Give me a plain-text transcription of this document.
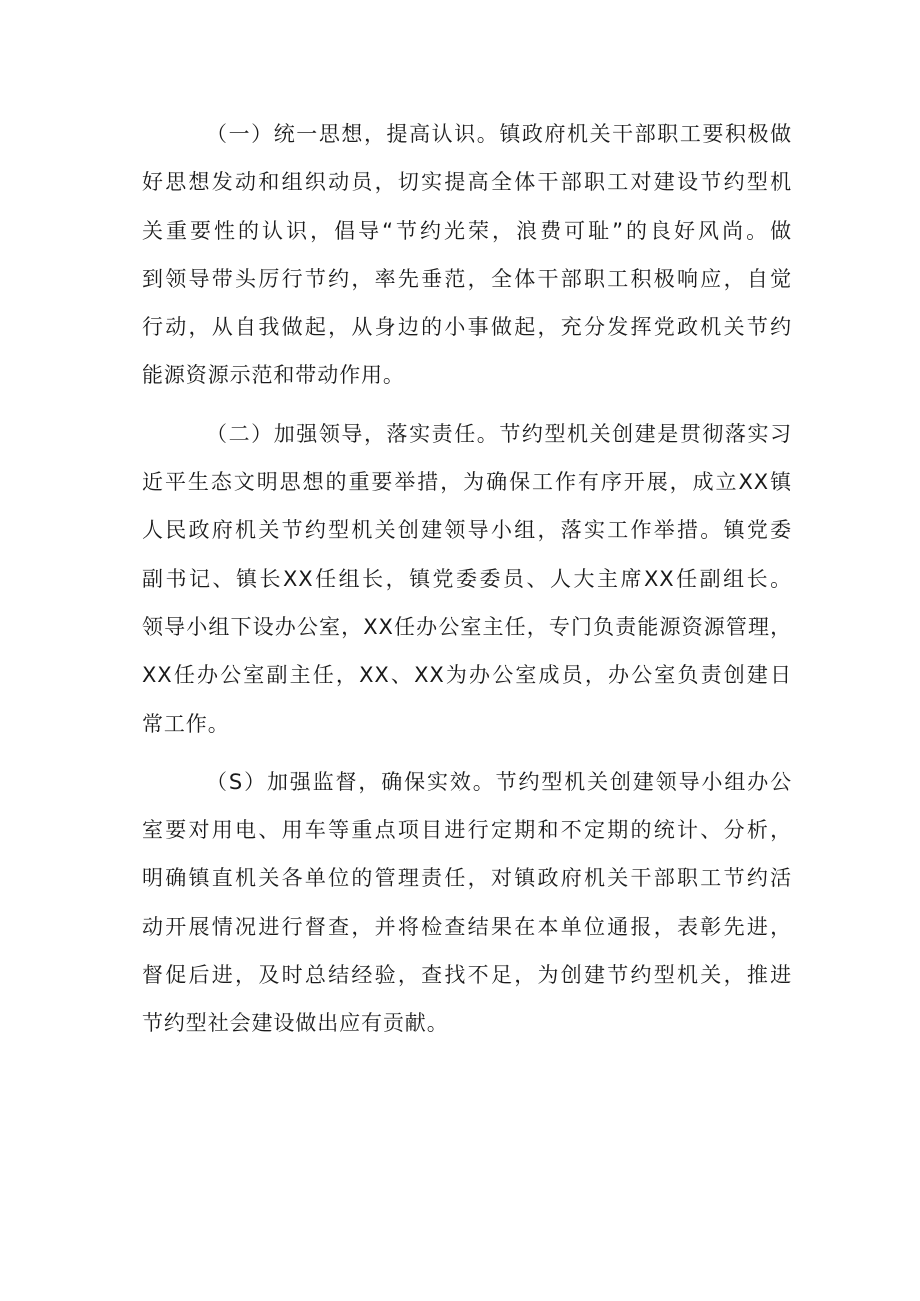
（一）统一思想，提高认识。镇政府机关干部职工要积极做
好思想发动和组织动员，切实提高全体干部职工对建设节约型机
关重要性的认识，倡导“节约光荣，浪费可耻”的良好风尚。做
到领导带头厉行节约，率先垂范，全体干部职工积极响应，自觉
行动，从自我做起，从身边的小事做起，充分发挥党政机关节约
能源资源示范和带动作用。
（二）加强领导，落实责任。节约型机关创建是贯彻落实习
近平生态文明思想的重要举措，为确保工作有序开展，成立XX镇
人民政府机关节约型机关创建领导小组，落实工作举措。镇党委
副书记、镇长XX任组长，镇党委委员、人大主席XX任副组长。
领导小组下设办公室，XX任办公室主任，专门负责能源资源管理，
XX任办公室副主任，XX、XX为办公室成员，办公室负责创建日
常工作。
（S）加强监督，确保实效。节约型机关创建领导小组办公
室要对用电、用车等重点项目进行定期和不定期的统计、分析，
明确镇直机关各单位的管理责任，对镇政府机关干部职工节约活
动开展情况进行督查，并将检查结果在本单位通报，表彰先进，
督促后进，及时总结经验，查找不足，为创建节约型机关，推进
节约型社会建设做出应有贡献。
